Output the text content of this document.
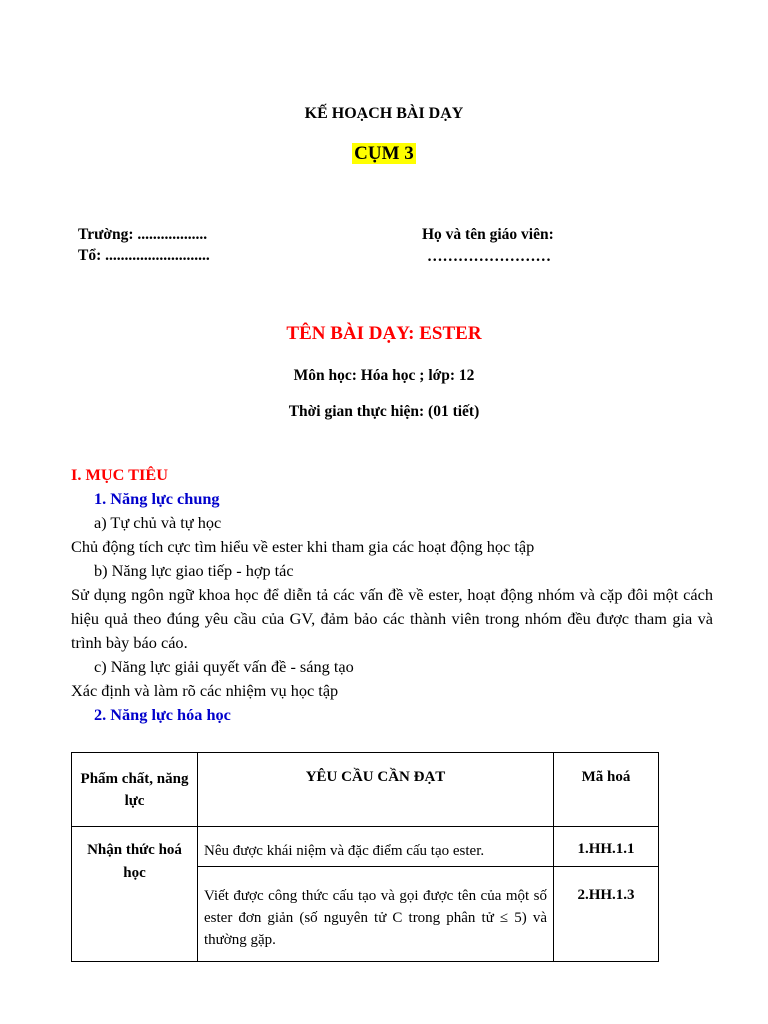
KẾ HOẠCH BÀI DẠY
CỤM 3
Trường: ..................
Tổ: ...........................
Họ và tên giáo viên:
……………………
TÊN BÀI DẠY: ESTER
Môn học: Hóa học ; lớp: 12
Thời gian thực hiện: (01 tiết)
I. MỤC TIÊU
1. Năng lực chung
a) Tự chủ và tự học
Chủ động tích cực tìm hiểu về ester khi tham gia các hoạt động học tập
b) Năng lực giao tiếp - hợp tác
Sử dụng ngôn ngữ khoa học để diễn tả các vấn đề về ester, hoạt động nhóm và cặp đôi một cách hiệu quả theo đúng yêu cầu của GV, đảm bảo các thành viên trong nhóm đều được tham gia và trình bày báo cáo.
c) Năng lực giải quyết vấn đề - sáng tạo
Xác định và làm rõ các nhiệm vụ học tập
2. Năng lực hóa học
Phẩm chất, năng lực	YÊU CẦU CẦN ĐẠT	Mã hoá
Nhận thức hoá học	Nêu được khái niệm và đặc điểm cấu tạo ester.	1.HH.1.1
	Viết được công thức cấu tạo và gọi được tên của một số ester đơn giản (số nguyên tử C trong phân tử ≤ 5) và thường gặp.	2.HH.1.3
